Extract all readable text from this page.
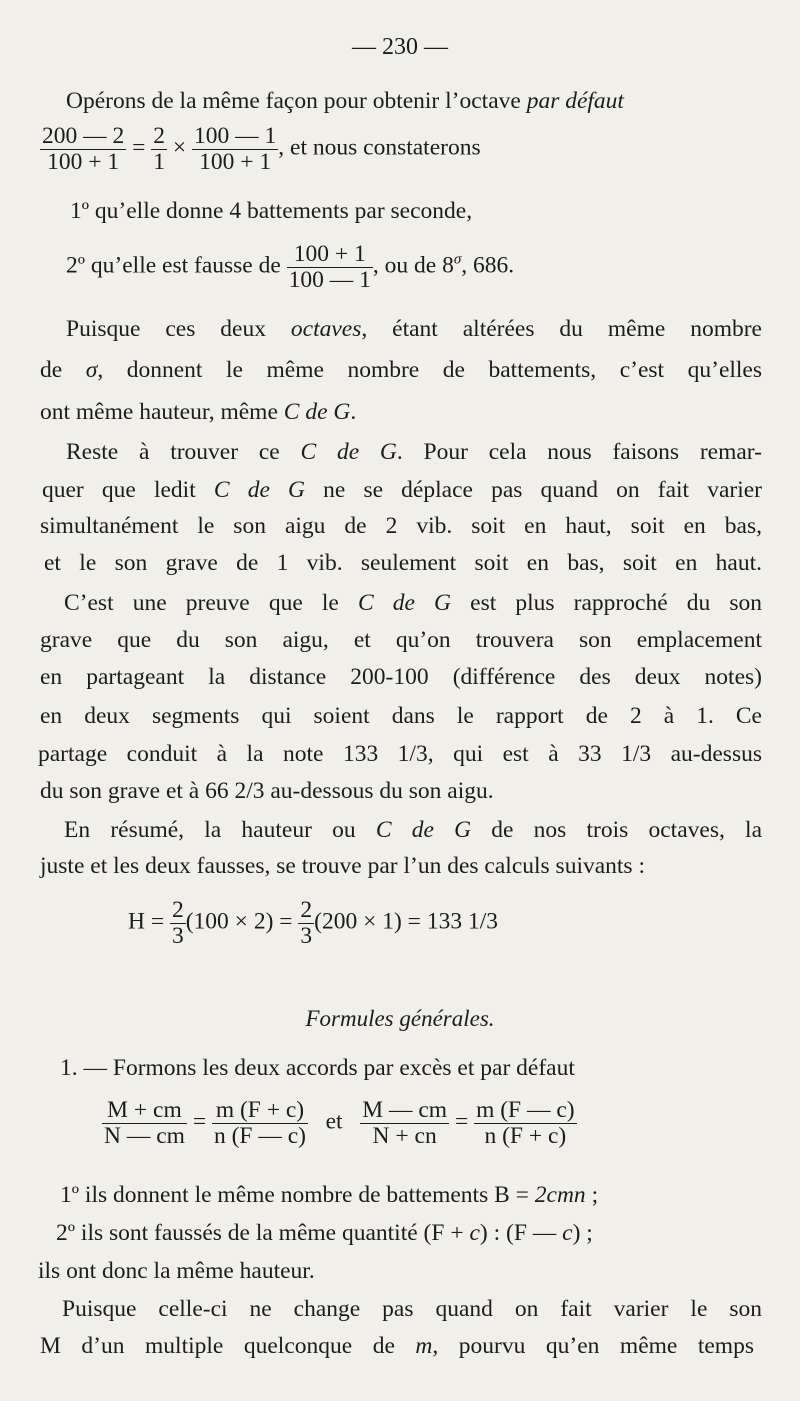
— 230 —
Opérons de la même façon pour obtenir l’octave par défaut
$\frac{200 — 2}{100 + 1} = \frac{2}{1} \times \frac{100 — 1}{100 + 1}$ , et nous constaterons
1º qu’elle donne 4 battements par seconde,
2º qu’elle est fausse de $\frac{100 + 1}{100 — 1}$ , ou de $8^\sigma$, 686.
Puisque ces deux octaves, étant altérées du même nombre
de σ, donnent le même nombre de battements, c’est qu’elles
ont même hauteur, même C de G.
Reste à trouver ce C de G. Pour cela nous faisons remar-
quer que ledit C de G ne se déplace pas quand on fait varier
simultanément le son aigu de 2 vib. soit en haut, soit en bas,
et le son grave de 1 vib. seulement soit en bas, soit en haut.
C’est une preuve que le C de G est plus rapproché du son
grave que du son aigu, et qu’on trouvera son emplacement
en partageant la distance 200-100 (différence des deux notes)
en deux segments qui soient dans le rapport de 2 à 1. Ce
partage conduit à la note 133 1/3, qui est à 33 1/3 au-dessus
du son grave et à 66 2/3 au-dessous du son aigu.
En résumé, la hauteur ou C de G de nos trois octaves, la
juste et les deux fausses, se trouve par l’un des calculs suivants :
$H = \frac{2}{3} (100 \times 2) = \frac{2}{3} (200 \times 1) = 133$ 1/3
Formules générales.
1. — Formons les deux accords par excès et par défaut
$\frac{M + cm}{N — cm} = \frac{m (F + c)}{n (F — c)}$ et $\frac{M — cm}{N + cn} = \frac{m (F — c)}{n (F + c)}$
1º ils donnent le même nombre de battements B = 2cmn ;
2º ils sont faussés de la même quantité (F + c) : (F — c) ;
ils ont donc la même hauteur.
Puisque celle-ci ne change pas quand on fait varier le son
M d’un multiple quelconque de m, pourvu qu’en même temps
